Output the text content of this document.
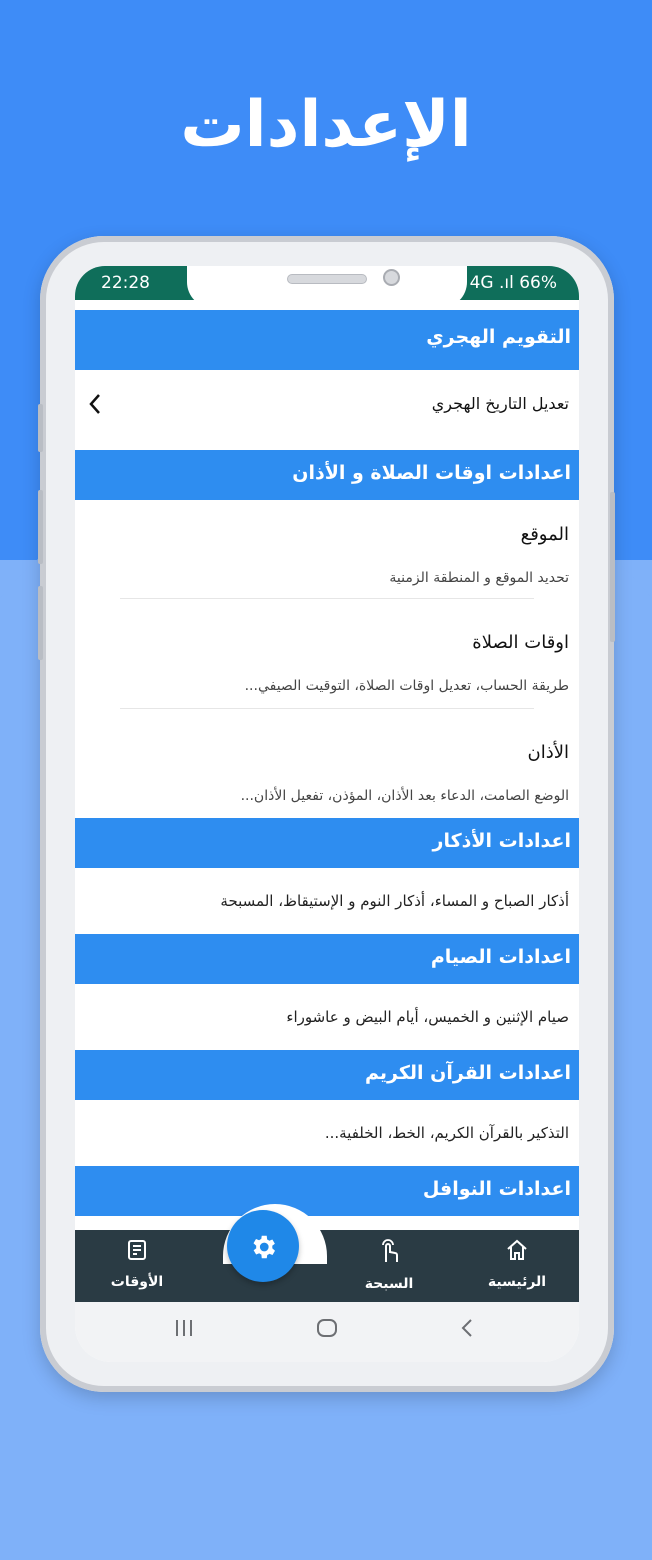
الإعدادات
22:28	4G .ıl 66%
التقويم الهجري
تعديل التاريخ الهجري
اعدادات اوقات الصلاة و الأذان
الموقع
تحديد الموقع و المنطقة الزمنية
اوقات الصلاة
طريقة الحساب، تعديل اوقات الصلاة، التوقيت الصيفي...
الأذان
الوضع الصامت، الدعاء بعد الأذان، المؤذن، تفعيل الأذان...
اعدادات الأذكار
أذكار الصباح و المساء، أذكار النوم و الإستيقاظ، المسبحة
اعدادات الصيام
صيام الإثنين و الخميس، أيام البيض و عاشوراء
اعدادات القرآن الكريم
التذكير بالقرآن الكريم، الخط، الخلفية...
اعدادات النوافل
الرئيسية
السبحة
الأوقات
